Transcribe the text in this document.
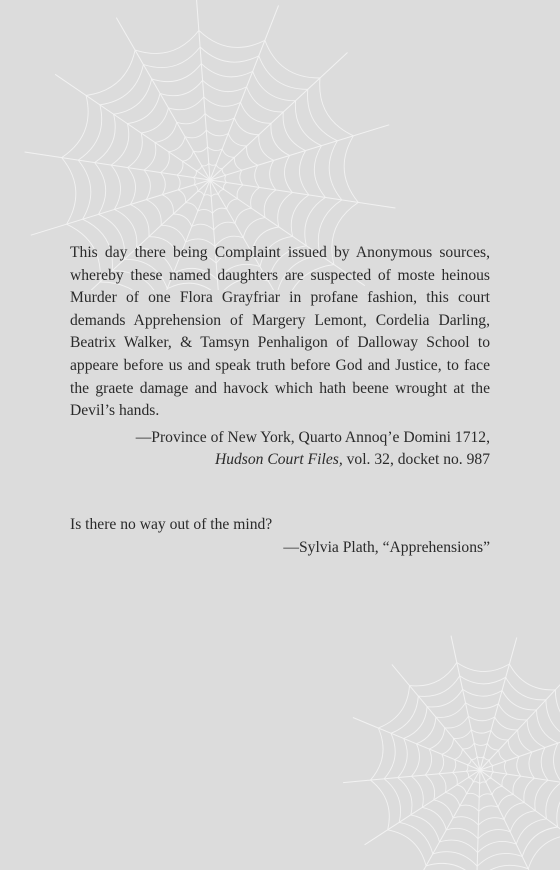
This day there being Complaint issued by Anonymous sources, whereby these named daughters are suspected of moste heinous Murder of one Flora Grayfriar in profane fashion, this court demands Apprehension of Margery Lemont, Cordelia Darling, Beatrix Walker, & Tamsyn Penhaligon of Dalloway School to appeare before us and speak truth before God and Justice, to face the graete damage and havock which hath beene wrought at the Devil’s hands.

—Province of New York, Quarto Annoq’e Domini 1712,
Hudson Court Files, vol. 32, docket no. 987
Is there no way out of the mind?
—Sylvia Plath, “Apprehensions”
